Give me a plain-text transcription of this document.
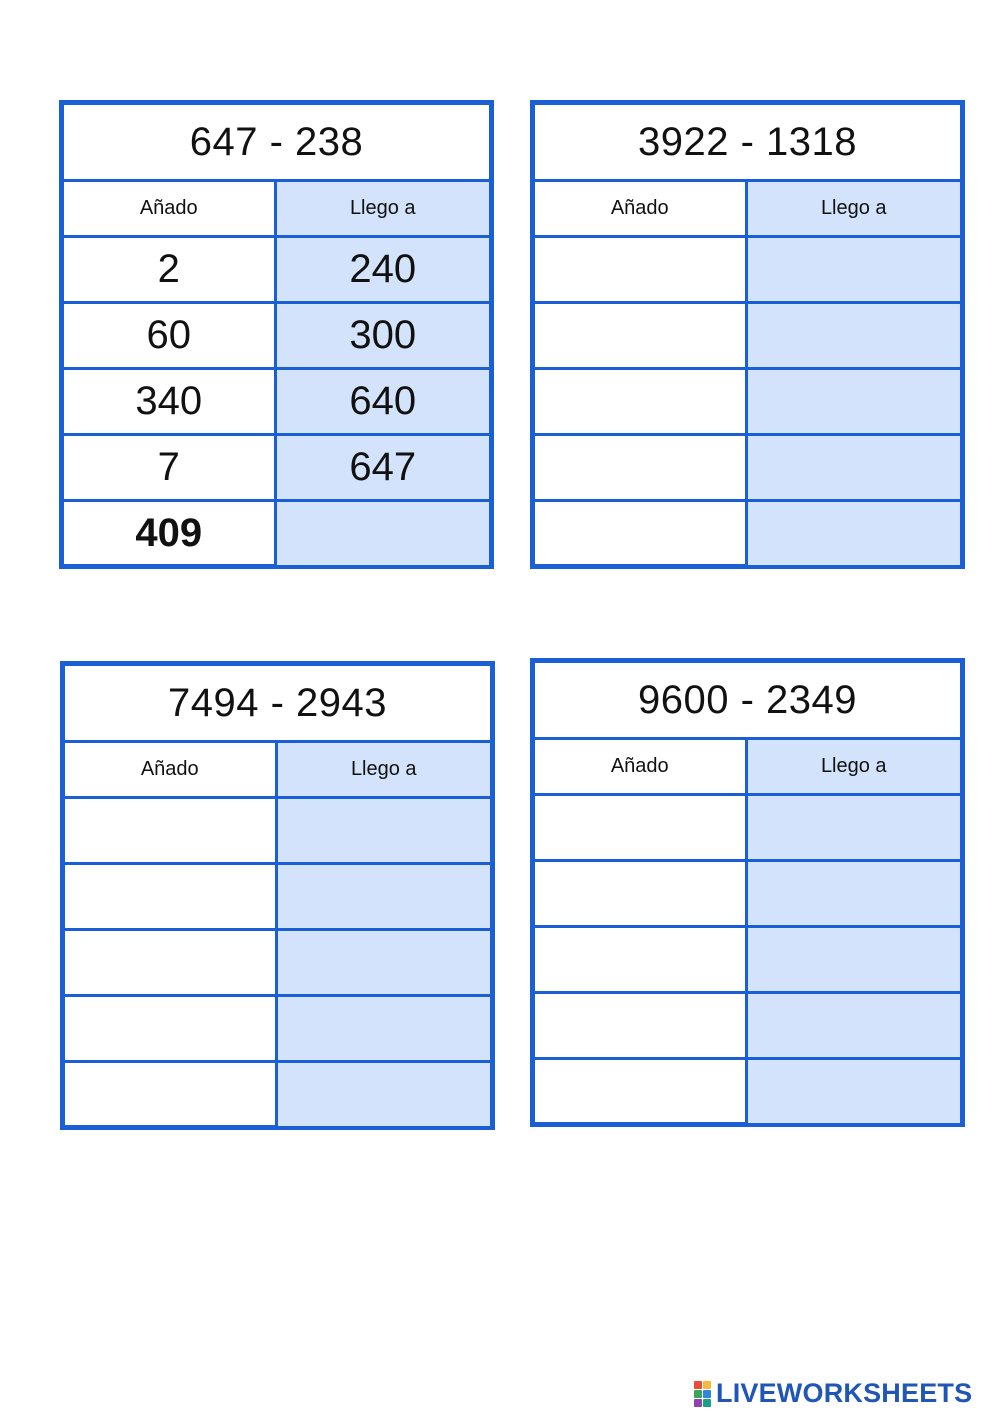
647 - 238
Añado	Llego a
2	240
60	300
340	640
7	647
409
3922 - 1318
Añado	Llego a
7494 - 2943
Añado	Llego a
9600 - 2349
Añado	Llego a
LIVEWORKSHEETS
